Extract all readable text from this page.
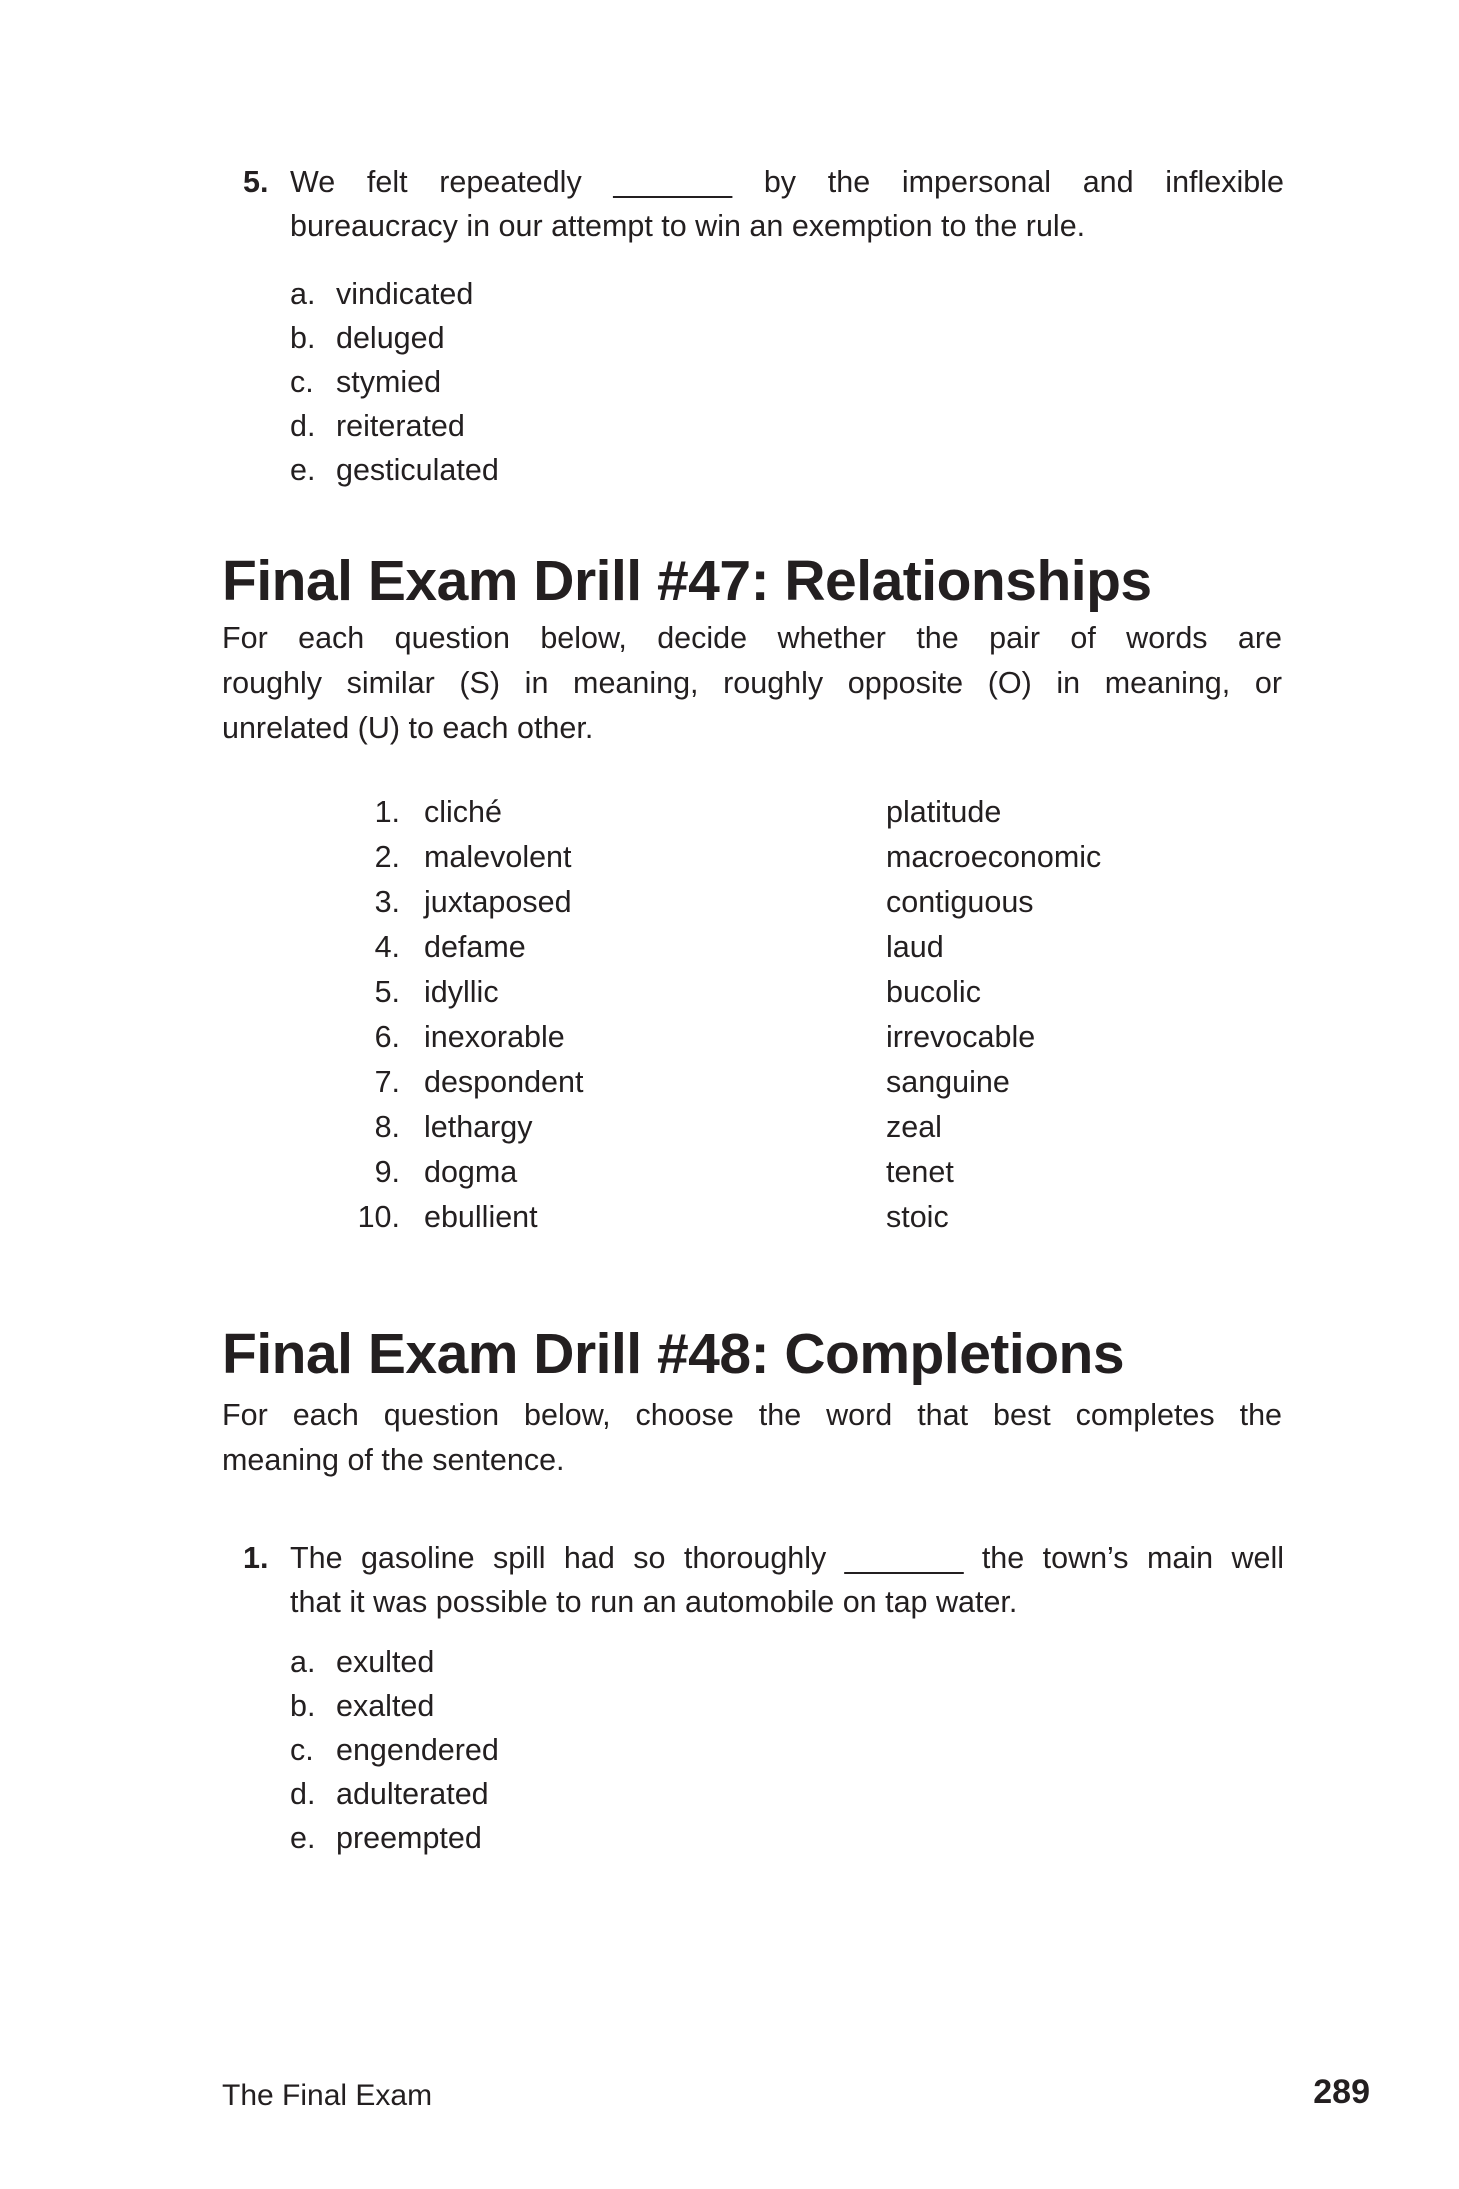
5. We felt repeatedly _______ by the impersonal and inflexible
bureaucracy in our attempt to win an exemption to the rule.
a. vindicated
b. deluged
c. stymied
d. reiterated
e. gesticulated
Final Exam Drill #47: Relationships
For each question below, decide whether the pair of words are
roughly similar (S) in meaning, roughly opposite (O) in meaning, or
unrelated (U) to each other.
1. cliché	platitude
2. malevolent	macroeconomic
3. juxtaposed	contiguous
4. defame	laud
5. idyllic	bucolic
6. inexorable	irrevocable
7. despondent	sanguine
8. lethargy	zeal
9. dogma	tenet
10. ebullient	stoic
Final Exam Drill #48: Completions
For each question below, choose the word that best completes the
meaning of the sentence.
1. The gasoline spill had so thoroughly _______ the town’s main well
that it was possible to run an automobile on tap water.
a. exulted
b. exalted
c. engendered
d. adulterated
e. preempted
The Final Exam	289
